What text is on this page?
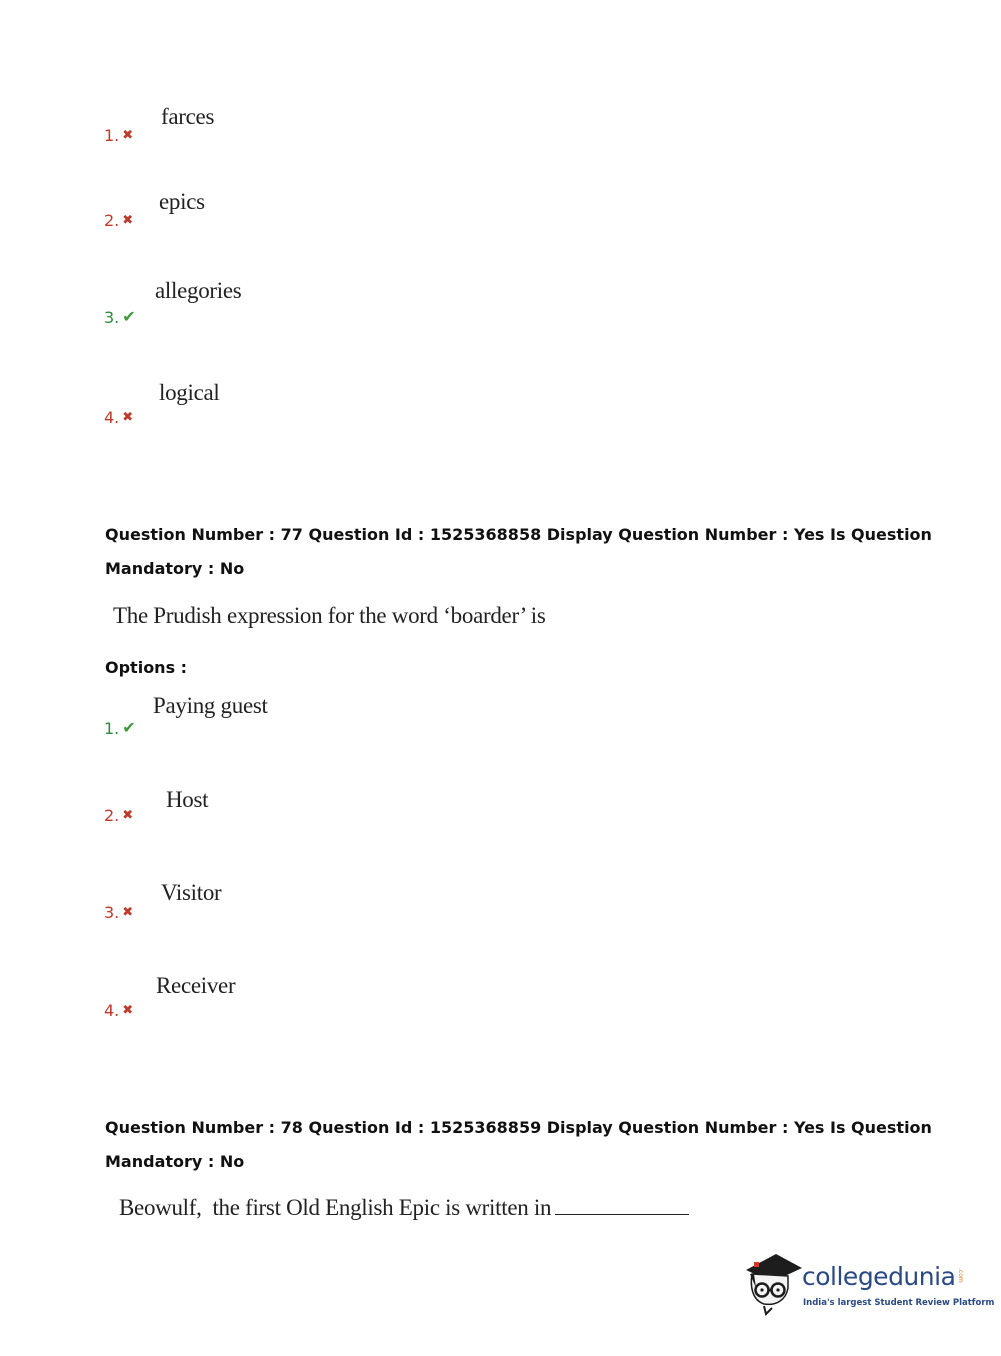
1. ✖
farces
2. ✖
epics
3. ✔
allegories
4. ✖
logical
Question Number : 77 Question Id : 1525368858 Display Question Number : Yes Is Question
Mandatory : No
The Prudish expression for the word ‘boarder’ is
Options :
1. ✔
Paying guest
2. ✖
Host
3. ✖
Visitor
4. ✖
Receiver
Question Number : 78 Question Id : 1525368859 Display Question Number : Yes Is Question
Mandatory : No
Beowulf,  the first Old English Epic is written in
collegedunia .com
India's largest Student Review Platform
